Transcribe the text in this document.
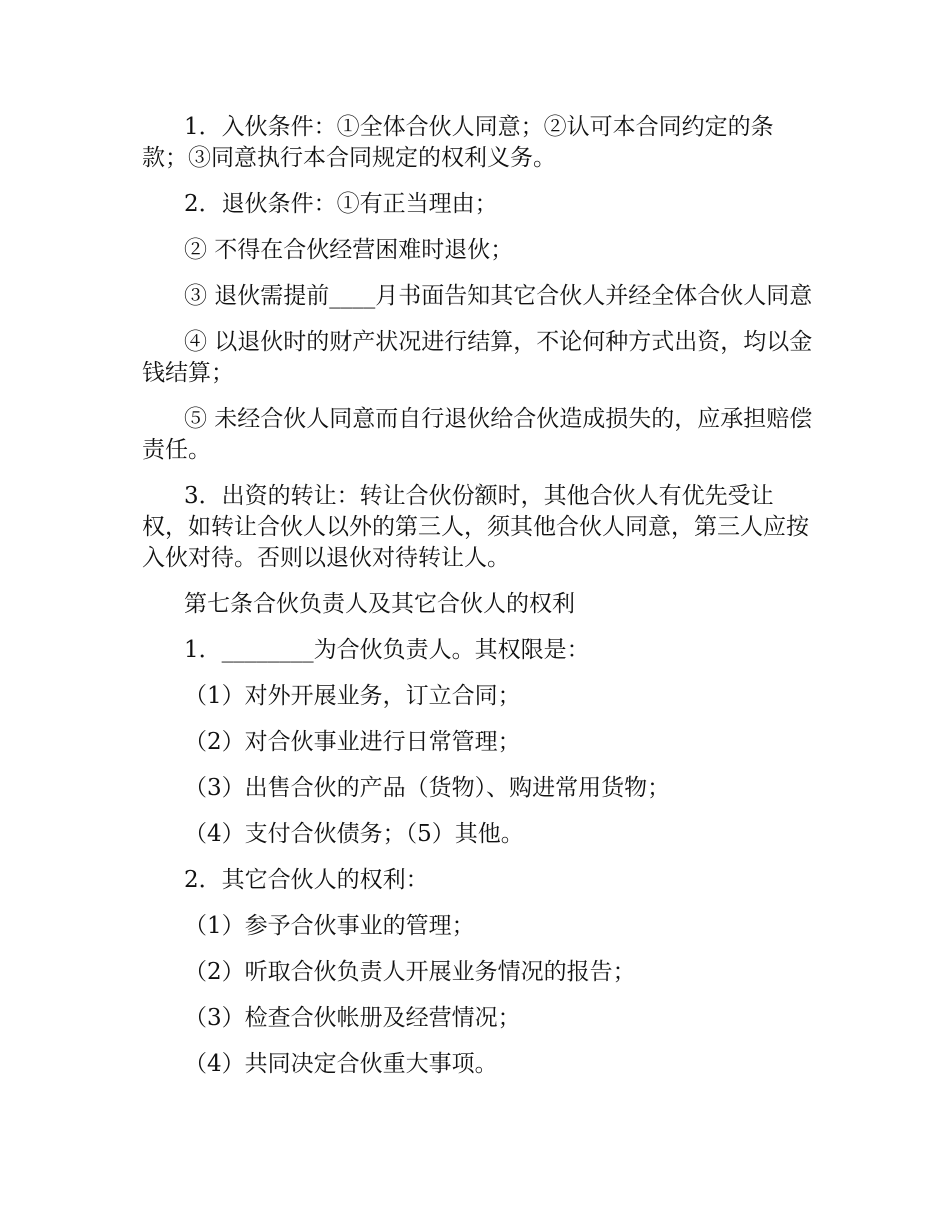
1．入伙条件：①全体合伙人同意；②认可本合同约定的条款；③同意执行本合同规定的权利义务。

2．退伙条件：①有正当理由；

② 不得在合伙经营困难时退伙；

③ 退伙需提前____月书面告知其它合伙人并经全体合伙人同意

④ 以退伙时的财产状况进行结算，不论何种方式出资，均以金钱结算；

⑤ 未经合伙人同意而自行退伙给合伙造成损失的，应承担赔偿责任。

3．出资的转让：转让合伙份额时，其他合伙人有优先受让权，如转让合伙人以外的第三人，须其他合伙人同意，第三人应按入伙对待。否则以退伙对待转让人。

第七条合伙负责人及其它合伙人的权利

1．________为合伙负责人。其权限是：

（1）对外开展业务，订立合同；

（2）对合伙事业进行日常管理；

（3）出售合伙的产品（货物）、购进常用货物；

（4）支付合伙债务；（5）其他。

2．其它合伙人的权利：

（1）参予合伙事业的管理；

（2）听取合伙负责人开展业务情况的报告；

（3）检查合伙帐册及经营情况；

（4）共同决定合伙重大事项。
